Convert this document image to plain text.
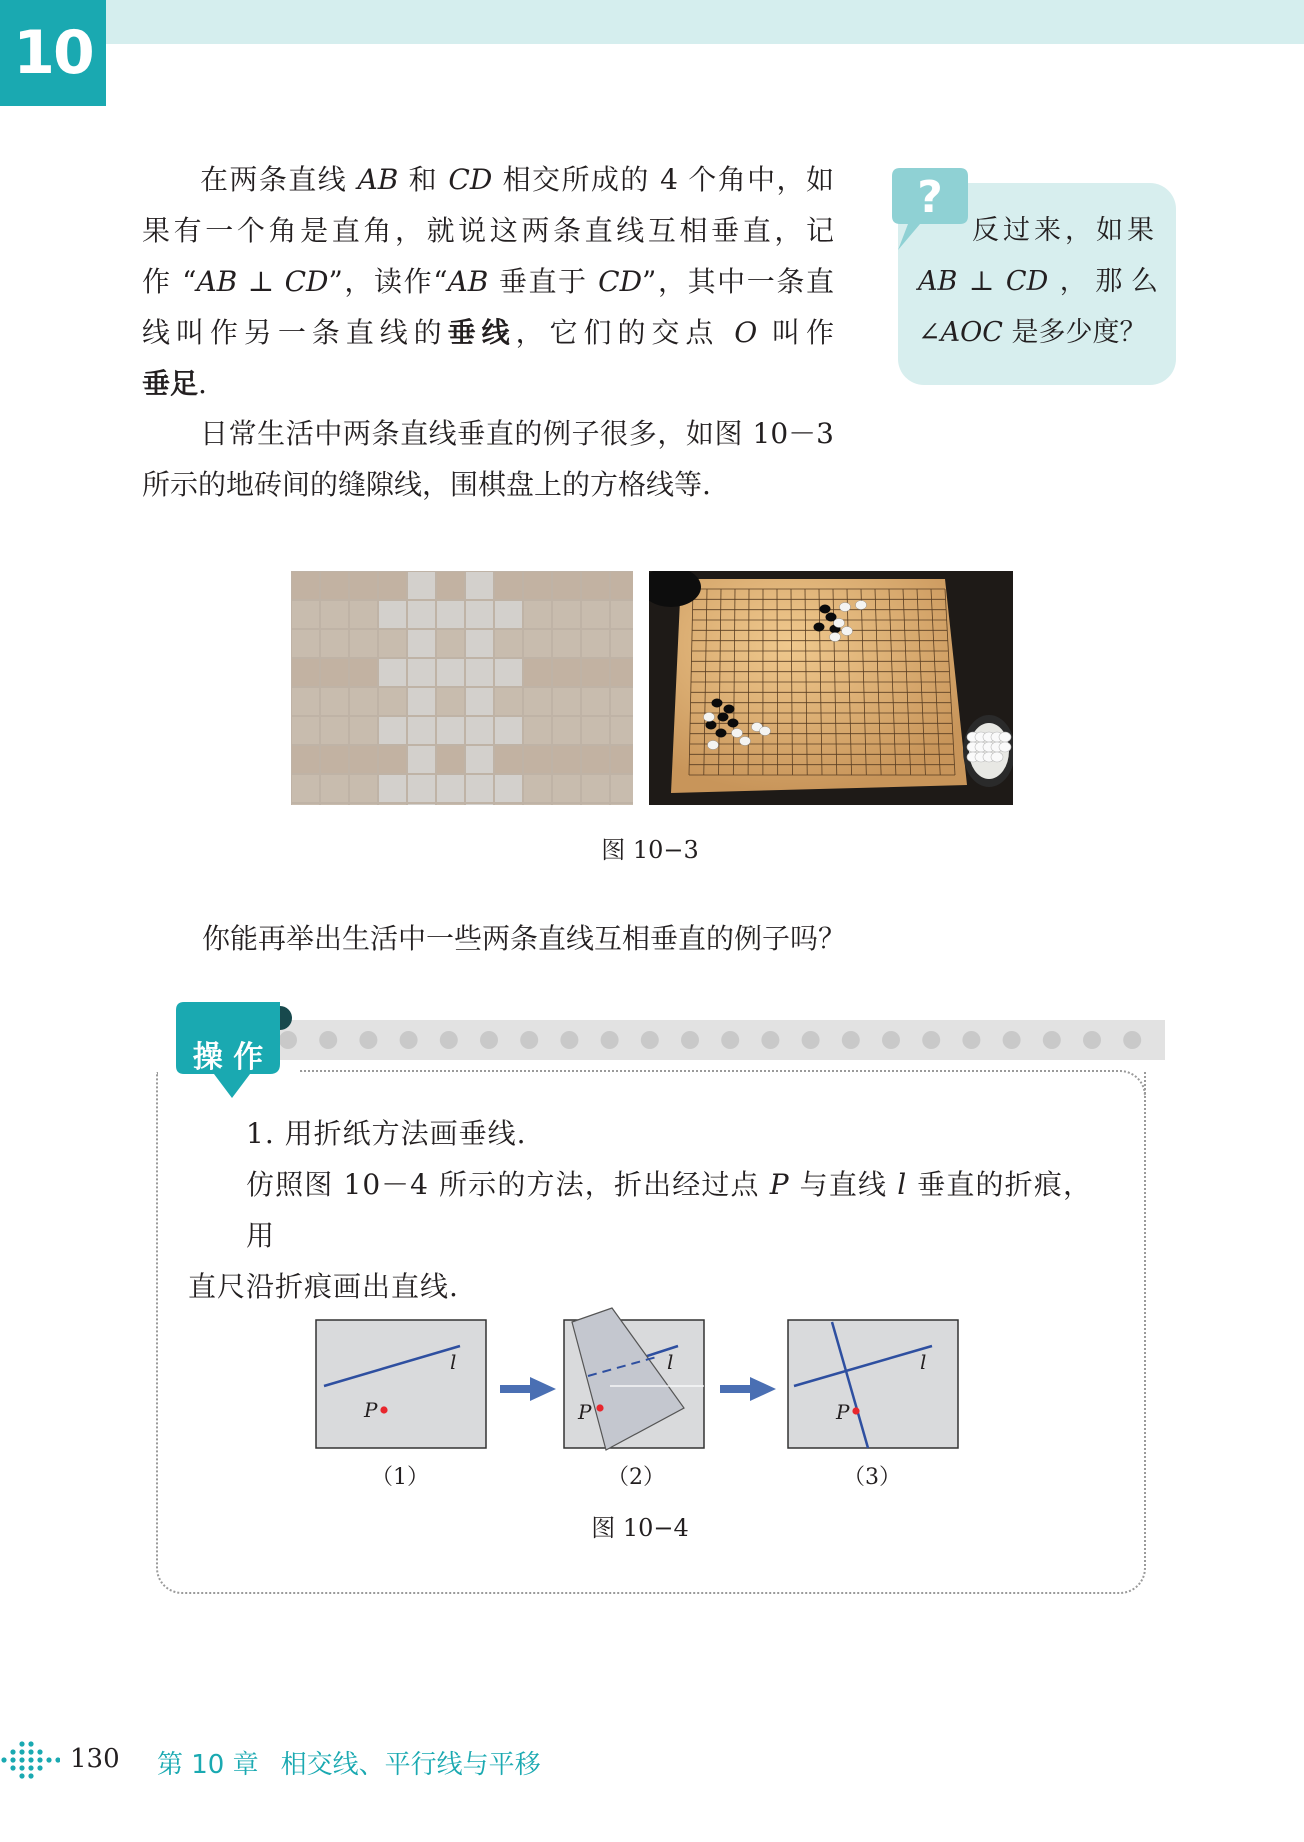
10
在两条直线 AB 和 CD 相交所成的 4 个角中，如
果有一个角是直角，就说这两条直线互相垂直，记
作 “AB ⊥ CD”，读作“AB 垂直于 CD”，其中一条直
线叫作另一条直线的垂线，它们的交点 O 叫作
垂足.
日常生活中两条直线垂直的例子很多，如图 10－3
所示的地砖间的缝隙线，围棋盘上的方格线等.
?
反过来，如果
AB ⊥ CD ， 那 么
∠AOC 是多少度？
图 10−3
你能再举出生活中一些两条直线互相垂直的例子吗？
操 作
1. 用折纸方法画垂线.
仿照图 10－4 所示的方法，折出经过点 P 与直线 l 垂直的折痕，用
直尺沿折痕画出直线.
P
l
P
l
P
l
（1）	（2）	（3）
图 10−4
130 第 10 章 相交线、平行线与平移
